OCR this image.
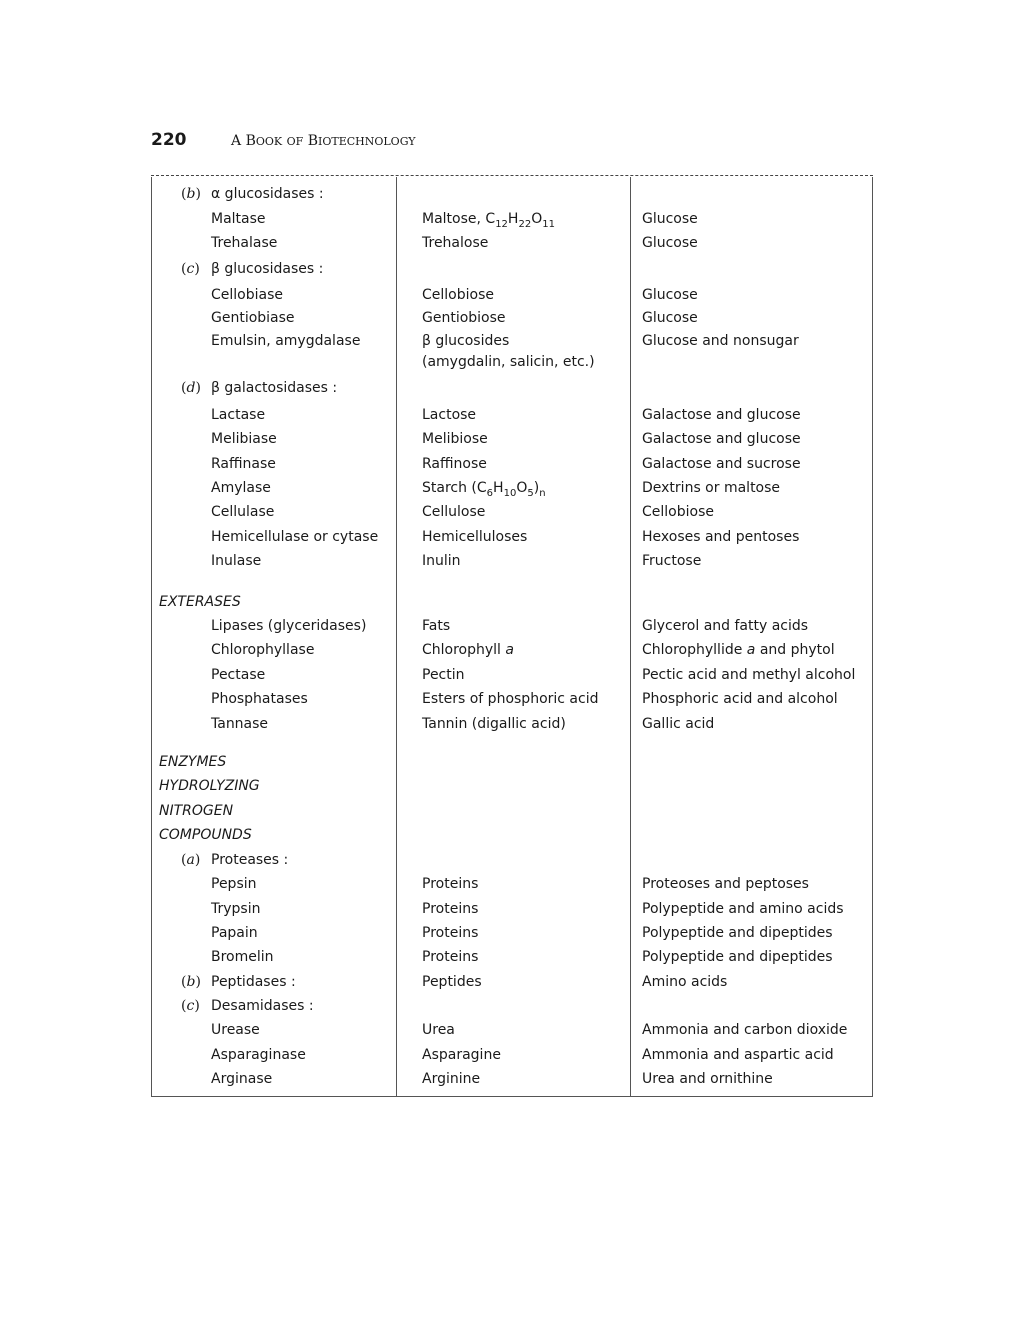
220	A BOOK OF BIOTECHNOLOGY
(b) α glucosidases :
Maltase	Maltose, $C_{12}H_{22}O_{11}$	Glucose
Trehalase	Trehalose	Glucose
(c) β glucosidases :
Cellobiase	Cellobiose	Glucose
Gentiobiase	Gentiobiose	Glucose
Emulsin, amygdalase	β glucosides	Glucose and nonsugar
(amygdalin, salicin, etc.)
(d) β galactosidases :
Lactase	Lactose	Galactose and glucose
Melibiase	Melibiose	Galactose and glucose
Raffinase	Raffinose	Galactose and sucrose
Amylase	Starch $(C_6H_{10}O_5)_n$	Dextrins or maltose
Cellulase	Cellulose	Cellobiose
Hemicellulase or cytase	Hemicelluloses	Hexoses and pentoses
Inulase	Inulin	Fructose
EXTERASES
Lipases (glyceridases)	Fats	Glycerol and fatty acids
Chlorophyllase	Chlorophyll a	Chlorophyllide a and phytol
Pectase	Pectin	Pectic acid and methyl alcohol
Phosphatases	Esters of phosphoric acid	Phosphoric acid and alcohol
Tannase	Tannin (digallic acid)	Gallic acid
ENZYMES
HYDROLYZING
NITROGEN
COMPOUNDS
(a) Proteases :
Pepsin	Proteins	Proteoses and peptoses
Trypsin	Proteins	Polypeptide and amino acids
Papain	Proteins	Polypeptide and dipeptides
Bromelin	Proteins	Polypeptide and dipeptides
(b) Peptidases :	Peptides	Amino acids
(c) Desamidases :
Urease	Urea	Ammonia and carbon dioxide
Asparaginase	Asparagine	Ammonia and aspartic acid
Arginase	Arginine	Urea and ornithine
